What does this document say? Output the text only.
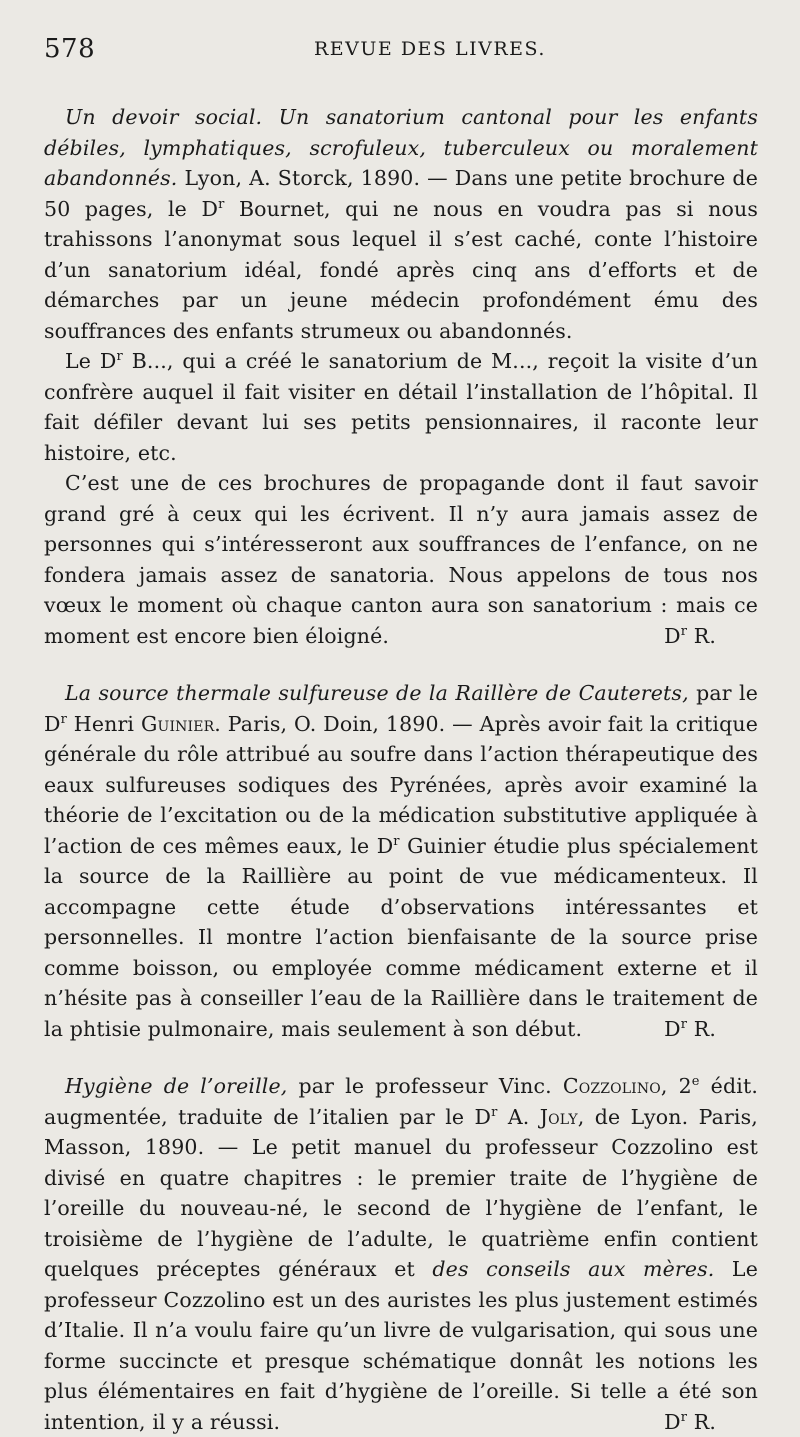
578	REVUE DES LIVRES.

Un devoir social. Un sanatorium cantonal pour les enfants débiles, lymphatiques, scrofuleux, tuberculeux ou moralement abandonnés. Lyon, A. Storck, 1890. — Dans une petite brochure de 50 pages, le $D^r$ Bournet, qui ne nous en voudra pas si nous trahissons l’anonymat sous lequel il s’est caché, conte l’histoire d’un sanatorium idéal, fondé après cinq ans d’efforts et de démarches par un jeune médecin profondément ému des souffrances des enfants strumeux ou abandonnés.

Le $D^r$ B..., qui a créé le sanatorium de M..., reçoit la visite d’un confrère auquel il fait visiter en détail l’installation de l’hôpital. Il fait défiler devant lui ses petits pensionnaires, il raconte leur histoire, etc.

C’est une de ces brochures de propagande dont il faut savoir grand gré à ceux qui les écrivent. Il n’y aura jamais assez de personnes qui s’intéresseront aux souffrances de l’enfance, on ne fondera jamais assez de sanatoria. Nous appelons de tous nos vœux le moment où chaque canton aura son sanatorium : mais ce moment est encore bien éloigné.	$D^r$ R.

La source thermale sulfureuse de la Raillère de Cauterets, par le $D^r$ Henri Guinier. Paris, O. Doin, 1890. — Après avoir fait la critique générale du rôle attribué au soufre dans l’action thérapeutique des eaux sulfureuses sodiques des Pyrénées, après avoir examiné la théorie de l’excitation ou de la médication substitutive appliquée à l’action de ces mêmes eaux, le $D^r$ Guinier étudie plus spécialement la source de la Raillière au point de vue médicamenteux. Il accompagne cette étude d’observations intéressantes et personnelles. Il montre l’action bienfaisante de la source prise comme boisson, ou employée comme médicament externe et il n’hésite pas à conseiller l’eau de la Raillière dans le traitement de la phtisie pulmonaire, mais seulement à son début.	$D^r$ R.

Hygiène de l’oreille, par le professeur Vinc. Cozzolino, 2e édit. augmentée, traduite de l’italien par le $D^r$ A. Joly, de Lyon. Paris, Masson, 1890. — Le petit manuel du professeur Cozzolino est divisé en quatre chapitres : le premier traite de l’hygiène de l’oreille du nouveau-né, le second de l’hygiène de l’enfant, le troisième de l’hygiène de l’adulte, le quatrième enfin contient quelques préceptes généraux et des conseils aux mères. Le professeur Cozzolino est un des auristes les plus justement estimés d’Italie. Il n’a voulu faire qu’un livre de vulgarisation, qui sous une forme succincte et presque schématique donnât les notions les plus élémentaires en fait d’hygiène de l’oreille. Si telle a été son intention, il y a réussi.	$D^r$ R.
